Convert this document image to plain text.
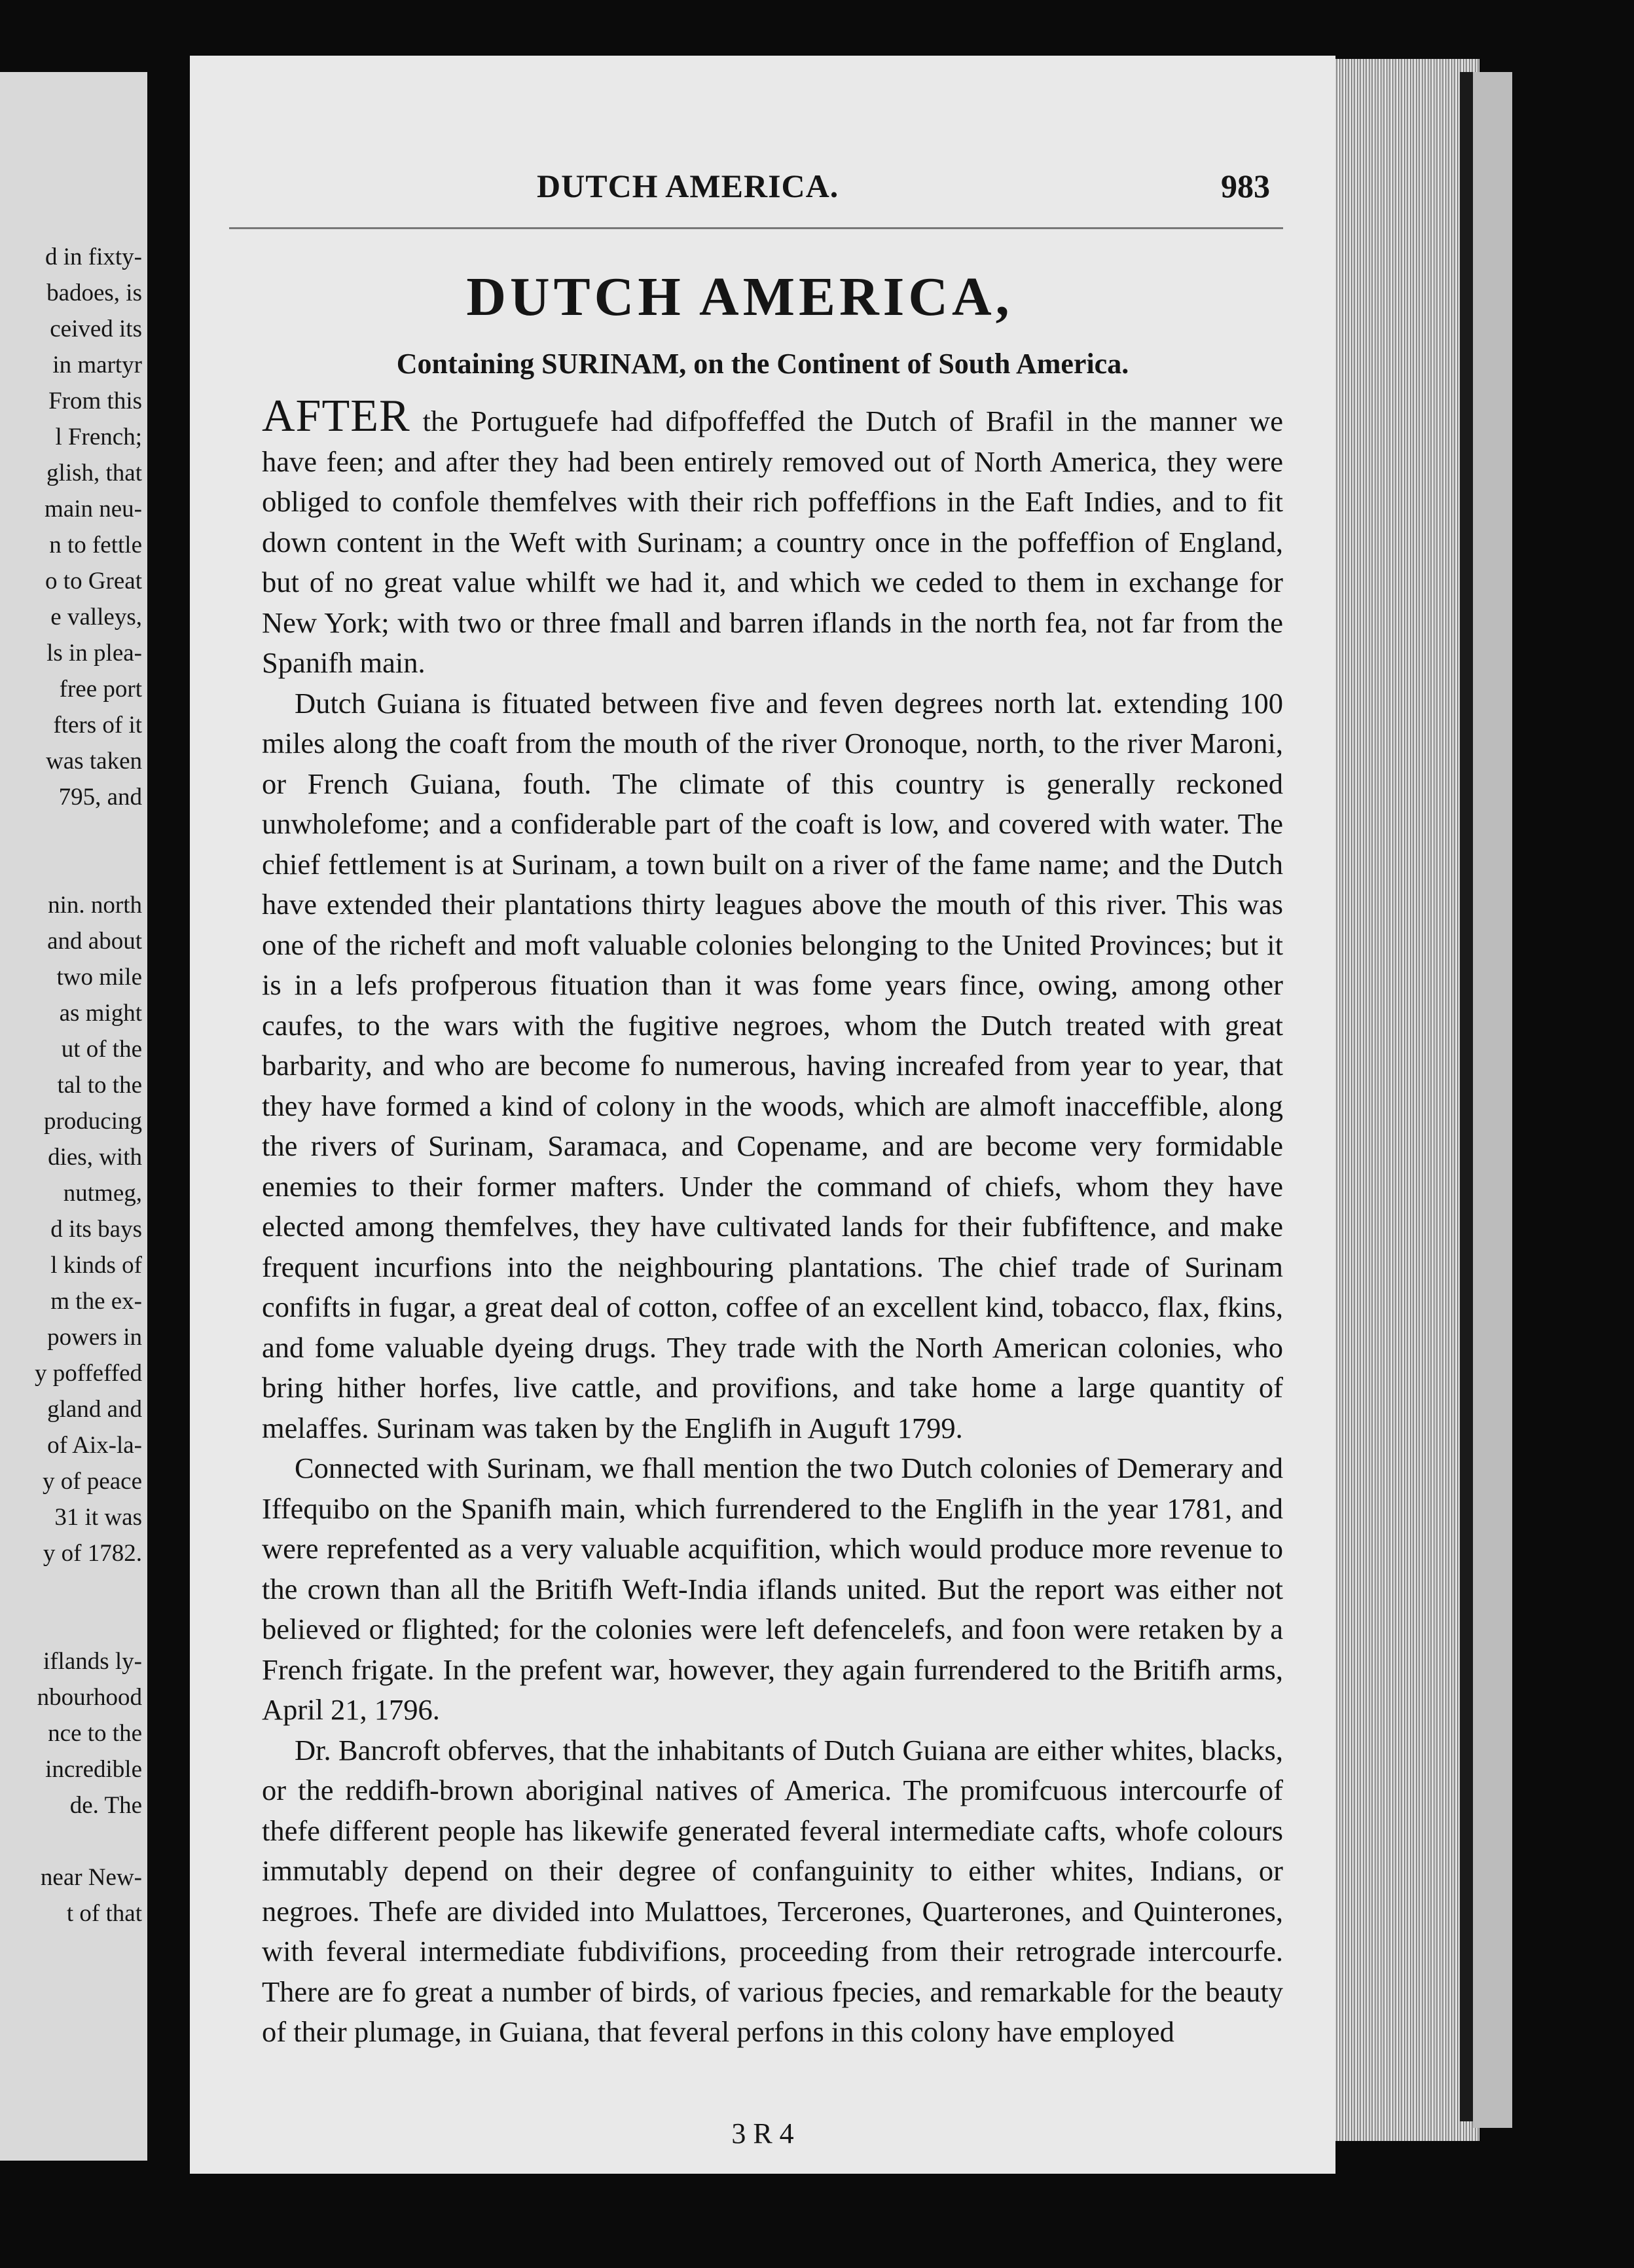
d in fixty-
badoes, is
ceived its
in martyr
From this
l French;
glish, that
main neu-
n to fettle
o to Great
e valleys,
ls in plea-
free port
fters of it
was taken
795, and
nin. north
and about
two mile
as might
ut of the
tal to the
producing
dies, with
nutmeg,
d its bays
l kinds of
m the ex-
powers in
y poffeffed
gland and
of Aix-la-
y of peace
31 it was
y of 1782.
iflands ly-
nbourhood
nce to the
incredible
de. The
near New-
t of that
DUTCH AMERICA.	983
DUTCH AMERICA,
Containing SURINAM, on the Continent of South America.

AFTER the Portuguefe had difpoffeffed the Dutch of Brafil in the manner we have feen; and after they had been entirely removed out of North America, they were obliged to confole themfelves with their rich poffeffions in the Eaft Indies, and to fit down content in the Weft with Surinam; a country once in the poffeffion of England, but of no great value whilft we had it, and which we ceded to them in exchange for New York; with two or three fmall and barren iflands in the north fea, not far from the Spanifh main.

Dutch Guiana is fituated between five and feven degrees north lat. extending 100 miles along the coaft from the mouth of the river Oronoque, north, to the river Maroni, or French Guiana, fouth. The climate of this country is generally reckoned unwholefome; and a confiderable part of the coaft is low, and covered with water. The chief fettlement is at Surinam, a town built on a river of the fame name; and the Dutch have extended their plantations thirty leagues above the mouth of this river. This was one of the richeft and moft valuable colonies belonging to the United Provinces; but it is in a lefs profperous fituation than it was fome years fince, owing, among other caufes, to the wars with the fugitive negroes, whom the Dutch treated with great barbarity, and who are become fo numerous, having increafed from year to year, that they have formed a kind of colony in the woods, which are almoft inacceffible, along the rivers of Surinam, Saramaca, and Copename, and are become very formidable enemies to their former mafters. Under the command of chiefs, whom they have elected among themfelves, they have cultivated lands for their fubfiftence, and make frequent incurfions into the neighbouring plantations. The chief trade of Surinam confifts in fugar, a great deal of cotton, coffee of an excellent kind, tobacco, flax, fkins, and fome valuable dyeing drugs. They trade with the North American colonies, who bring hither horfes, live cattle, and provifions, and take home a large quantity of melaffes. Surinam was taken by the Englifh in Auguft 1799.

Connected with Surinam, we fhall mention the two Dutch colonies of Demerary and Iffequibo on the Spanifh main, which furrendered to the Englifh in the year 1781, and were reprefented as a very valuable acquifition, which would produce more revenue to the crown than all the Britifh Weft-India iflands united. But the report was either not believed or flighted; for the colonies were left defencelefs, and foon were retaken by a French frigate. In the prefent war, however, they again furrendered to the Britifh arms, April 21, 1796.

Dr. Bancroft obferves, that the inhabitants of Dutch Guiana are either whites, blacks, or the reddifh-brown aboriginal natives of America. The promifcuous intercourfe of thefe different people has likewife generated feveral intermediate cafts, whofe colours immutably depend on their degree of confanguinity to either whites, Indians, or negroes. Thefe are divided into Mulattoes, Tercerones, Quarterones, and Quinterones, with feveral intermediate fubdivifions, proceeding from their retrograde intercourfe. There are fo great a number of birds, of various fpecies, and remarkable for the beauty of their plumage, in Guiana, that feveral perfons in this colony have employed

3 R 4
